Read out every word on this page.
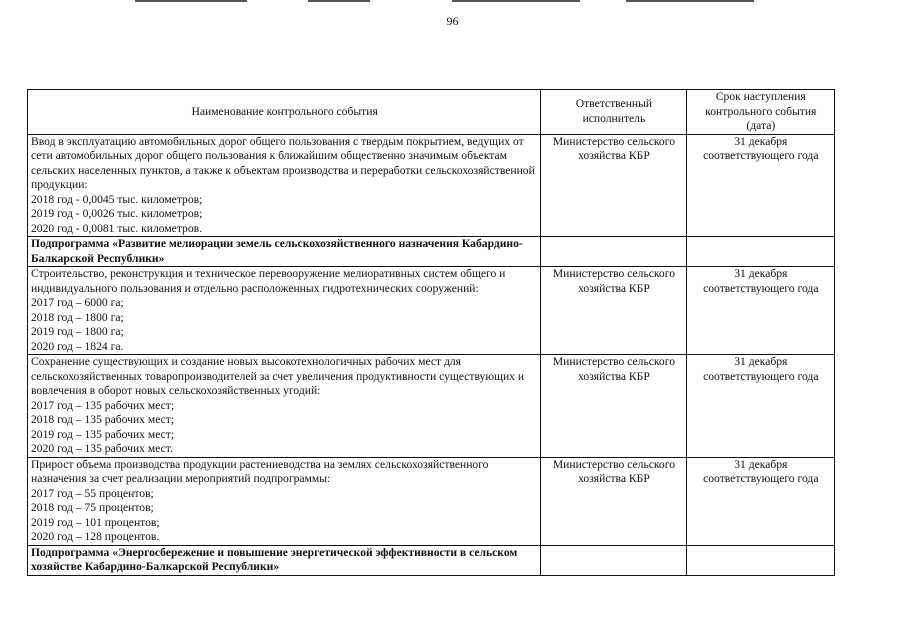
96
Наименование контрольного события	Ответственный исполнитель	Срок наступления контрольного события (дата)

Ввод в эксплуатацию автомобильных дорог общего пользования с твердым покрытием, ведущих от сети автомобильных дорог общего пользования к ближайшим общественно значимым объектам сельских населенных пунктов, а также к объектам производства и переработки сельскохозяйственной продукции:
2018 год - 0,0045 тыс. километров;
2019 год - 0,0026 тыс. километров;
2020 год - 0,0081 тыс. километров.	Министерство сельского хозяйства КБР	31 декабря соответствующего года
Подпрограмма «Развитие мелиорации земель сельскохозяйственного назначения Кабардино-Балкарской Республики»		

Строительство, реконструкция и техническое перевооружение мелиоративных систем общего и индивидуального пользования и отдельно расположенных гидротехнических сооружений:
2017 год – 6000 га;
2018 год – 1800 га;
2019 год – 1800 га;
2020 год – 1824 га.	Министерство сельского хозяйства КБР	31 декабря соответствующего года

Сохранение существующих и создание новых высокотехнологичных рабочих мест для сельскохозяйственных товаропроизводителей за счет увеличения продуктивности существующих и вовлечения в оборот новых сельскохозяйственных угодий:
2017 год – 135 рабочих мест;
2018 год – 135 рабочих мест;
2019 год – 135 рабочих мест;
2020 год – 135 рабочих мест.	Министерство сельского хозяйства КБР	31 декабря соответствующего года

Прирост объема производства продукции растениеводства на землях сельскохозяйственного назначения за счет реализации мероприятий подпрограммы:
2017 год – 55 процентов;
2018 год – 75 процентов;
2019 год – 101 процентов;
2020 год – 128 процентов.	Министерство сельского хозяйства КБР	31 декабря соответствующего года
Подпрограмма «Энергосбережение и повышение энергетической эффективности в сельском хозяйстве Кабардино-Балкарской Республики»		
